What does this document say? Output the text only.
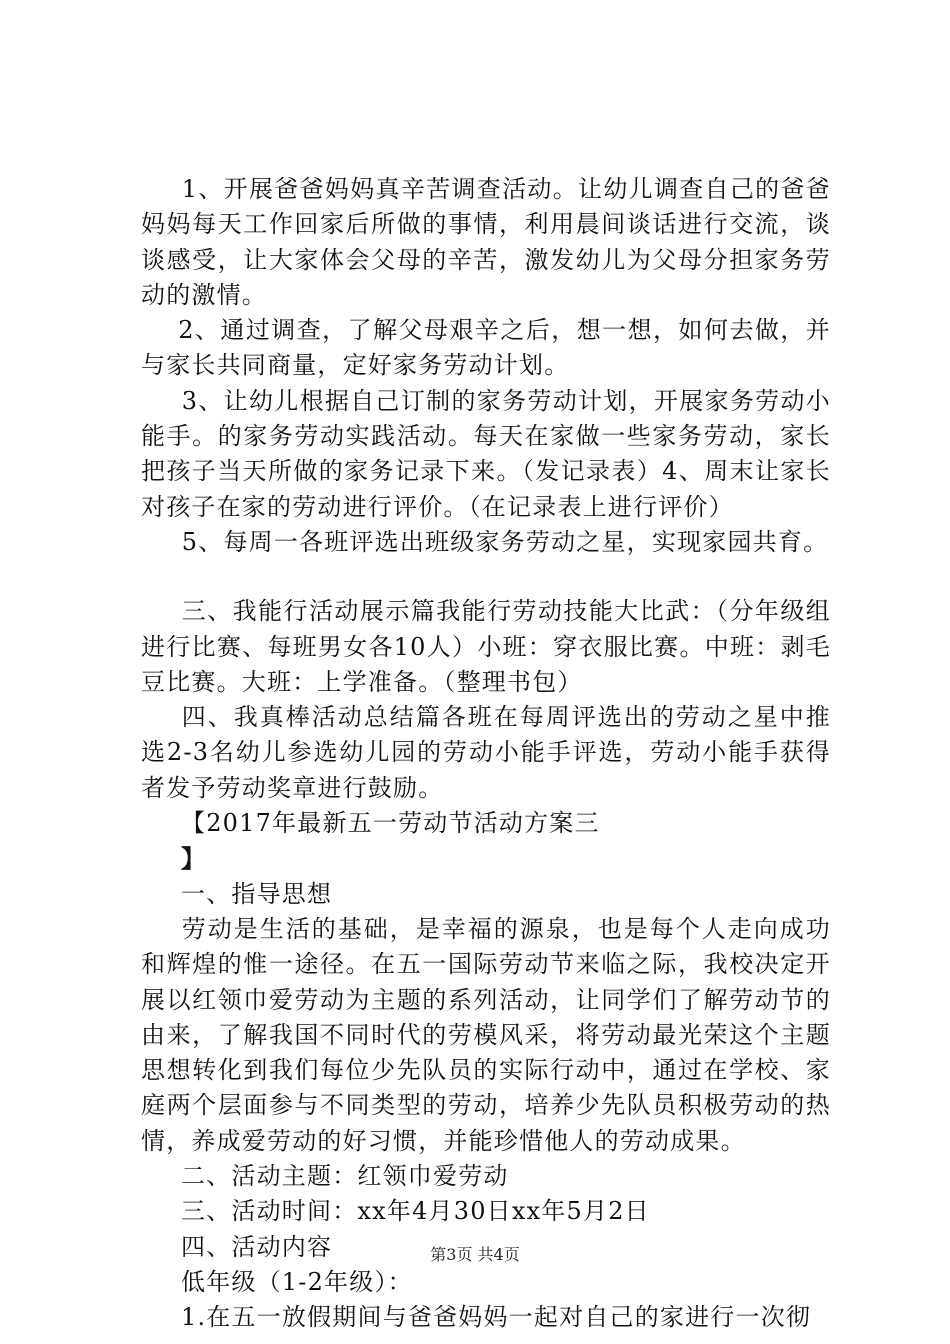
1、开展爸爸妈妈真辛苦调查活动。让幼儿调查自己的爸爸妈妈每天工作回家后所做的事情，利用晨间谈话进行交流，谈谈感受，让大家体会父母的辛苦，激发幼儿为父母分担家务劳动的激情。

2、通过调查，了解父母艰辛之后，想一想，如何去做，并与家长共同商量，定好家务劳动计划。

3、让幼儿根据自己订制的家务劳动计划，开展家务劳动小能手。的家务劳动实践活动。每天在家做一些家务劳动，家长把孩子当天所做的家务记录下来。（发记录表）4、周末让家长对孩子在家的劳动进行评价。（在记录表上进行评价）

5、每周一各班评选出班级家务劳动之星，实现家园共育。

三、我能行活动展示篇我能行劳动技能大比武：（分年级组进行比赛、每班男女各10人）小班：穿衣服比赛。中班：剥毛豆比赛。大班：上学准备。（整理书包）

四、我真棒活动总结篇各班在每周评选出的劳动之星中推选2-3名幼儿参选幼儿园的劳动小能手评选，劳动小能手获得者发予劳动奖章进行鼓励。

【2017年最新五一劳动节活动方案三

】

一、指导思想

劳动是生活的基础，是幸福的源泉，也是每个人走向成功和辉煌的惟一途径。在五一国际劳动节来临之际，我校决定开展以红领巾爱劳动为主题的系列活动，让同学们了解劳动节的由来，了解我国不同时代的劳模风采，将劳动最光荣这个主题思想转化到我们每位少先队员的实际行动中，通过在学校、家庭两个层面参与不同类型的劳动，培养少先队员积极劳动的热情，养成爱劳动的好习惯，并能珍惜他人的劳动成果。

二、活动主题：红领巾爱劳动

三、活动时间：xx年4月30日xx年5月2日

四、活动内容

低年级（1-2年级）：

1.在五一放假期间与爸爸妈妈一起对自己的家进行一次彻

第3页 共4页
